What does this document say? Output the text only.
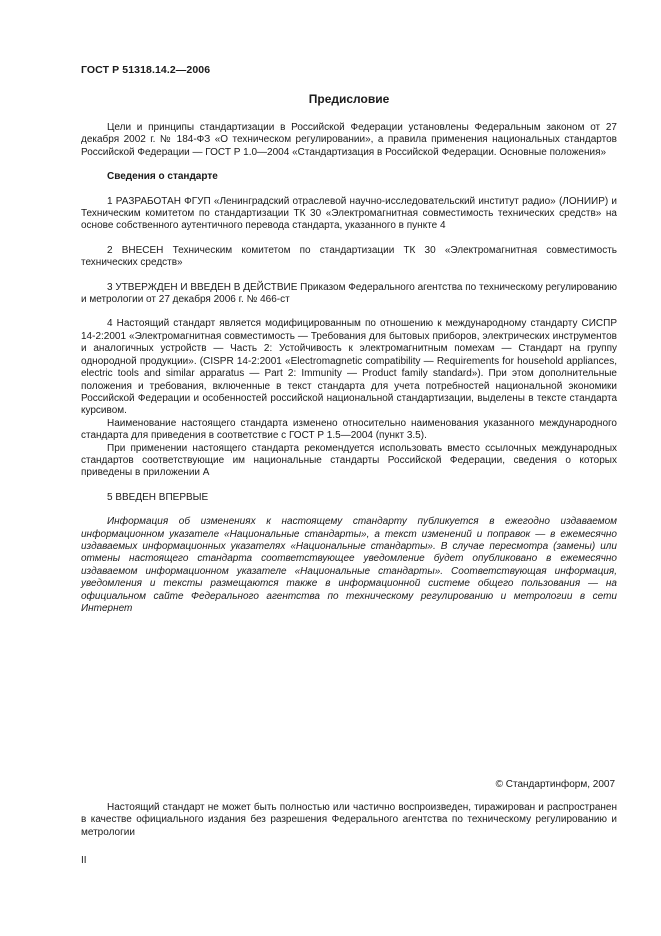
ГОСТ Р 51318.14.2—2006
Предисловие

Цели и принципы стандартизации в Российской Федерации установлены Федеральным законом от 27 декабря 2002 г. № 184-ФЗ «О техническом регулировании», а правила применения национальных стандартов Российской Федерации — ГОСТ Р 1.0—2004 «Стандартизация в Российской Федерации. Основные положения»

Сведения о стандарте

1 РАЗРАБОТАН ФГУП «Ленинградский отраслевой научно-исследовательский институт радио» (ЛОНИИР) и Техническим комитетом по стандартизации ТК 30 «Электромагнитная совместимость технических средств» на основе собственного аутентичного перевода стандарта, указанного в пункте 4

2 ВНЕСЕН Техническим комитетом по стандартизации ТК 30 «Электромагнитная совместимость технических средств»

3 УТВЕРЖДЕН И ВВЕДЕН В ДЕЙСТВИЕ Приказом Федерального агентства по техническому регулированию и метрологии от 27 декабря 2006 г. № 466-ст

4 Настоящий стандарт является модифицированным по отношению к международному стандарту СИСПР 14-2:2001 «Электромагнитная совместимость — Требования для бытовых приборов, электрических инструментов и аналогичных устройств — Часть 2: Устойчивость к электромагнитным помехам — Стандарт на группу однородной продукции». (CISPR 14-2:2001 «Electromagnetic compatibility — Requirements for household appliances, electric tools and similar apparatus — Part 2: Immunity — Product family standard»). При этом дополнительные положения и требования, включенные в текст стандарта для учета потребностей национальной экономики Российской Федерации и особенностей российской национальной стандартизации, выделены в тексте стандарта курсивом.

Наименование настоящего стандарта изменено относительно наименования указанного международного стандарта для приведения в соответствие с ГОСТ Р 1.5—2004 (пункт 3.5).

При применении настоящего стандарта рекомендуется использовать вместо ссылочных международных стандартов соответствующие им национальные стандарты Российской Федерации, сведения о которых приведены в приложении А

5 ВВЕДЕН ВПЕРВЫЕ

Информация об изменениях к настоящему стандарту публикуется в ежегодно издаваемом информационном указателе «Национальные стандарты», а текст изменений и поправок — в ежемесячно издаваемых информационных указателях «Национальные стандарты». В случае пересмотра (замены) или отмены настоящего стандарта соответствующее уведомление будет опубликовано в ежемесячно издаваемом информационном указателе «Национальные стандарты». Соответствующая информация, уведомления и тексты размещаются также в информационной системе общего пользования — на официальном сайте Федерального агентства по техническому регулированию и метрологии в сети Интернет

© Стандартинформ, 2007

Настоящий стандарт не может быть полностью или частично воспроизведен, тиражирован и распространен в качестве официального издания без разрешения Федерального агентства по техническому регулированию и метрологии

II
